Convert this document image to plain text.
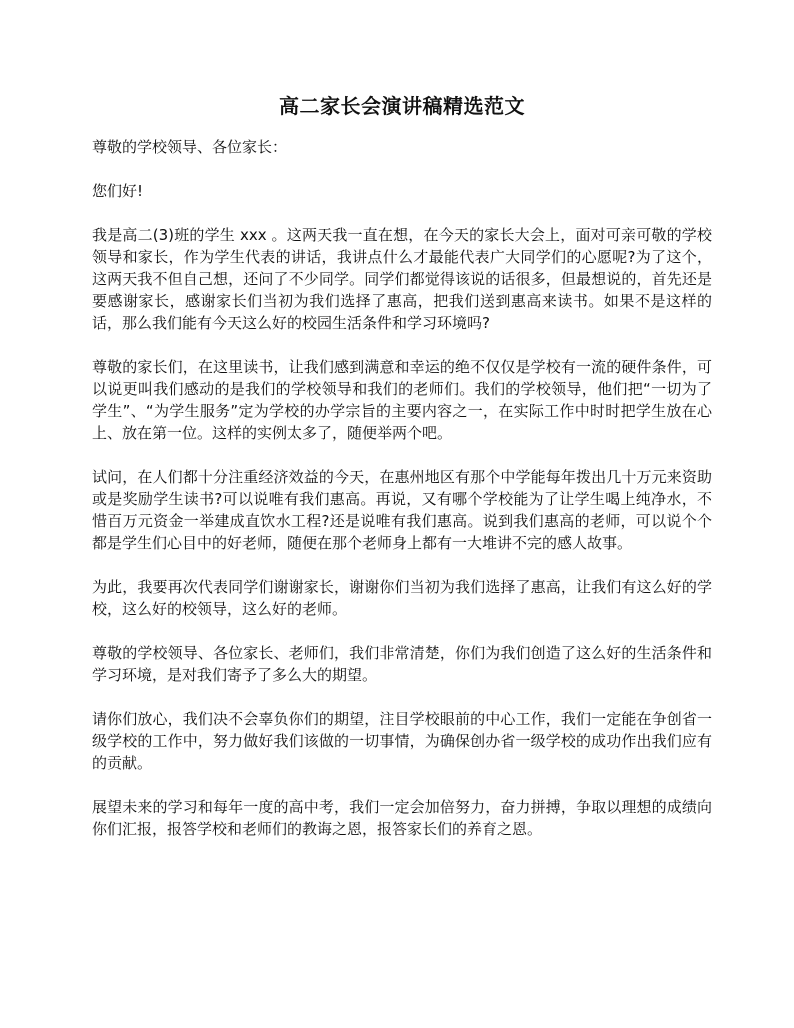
高二家长会演讲稿精选范文

尊敬的学校领导、各位家长：

您们好!

我是高二(3)班的学生 xxx 。这两天我一直在想，在今天的家长大会上，面对可亲可敬的学校领导和家长，作为学生代表的讲话，我讲点什么才最能代表广大同学们的心愿呢?为了这个，这两天我不但自己想，还问了不少同学。同学们都觉得该说的话很多，但最想说的，首先还是要感谢家长，感谢家长们当初为我们选择了惠高，把我们送到惠高来读书。如果不是这样的话，那么我们能有今天这么好的校园生活条件和学习环境吗?

尊敬的家长们，在这里读书，让我们感到满意和幸运的绝不仅仅是学校有一流的硬件条件，可以说更叫我们感动的是我们的学校领导和我们的老师们。我们的学校领导，他们把“一切为了学生”、“为学生服务”定为学校的办学宗旨的主要内容之一，在实际工作中时时把学生放在心上、放在第一位。这样的实例太多了，随便举两个吧。

试问，在人们都十分注重经济效益的今天，在惠州地区有那个中学能每年拨出几十万元来资助或是奖励学生读书?可以说唯有我们惠高。再说，又有哪个学校能为了让学生喝上纯净水，不惜百万元资金一举建成直饮水工程?还是说唯有我们惠高。说到我们惠高的老师，可以说个个都是学生们心目中的好老师，随便在那个老师身上都有一大堆讲不完的感人故事。

为此，我要再次代表同学们谢谢家长，谢谢你们当初为我们选择了惠高，让我们有这么好的学校，这么好的校领导，这么好的老师。

尊敬的学校领导、各位家长、老师们，我们非常清楚，你们为我们创造了这么好的生活条件和学习环境，是对我们寄予了多么大的期望。

请你们放心，我们决不会辜负你们的期望，注目学校眼前的中心工作，我们一定能在争创省一级学校的工作中，努力做好我们该做的一切事情，为确保创办省一级学校的成功作出我们应有的贡献。

展望未来的学习和每年一度的高中考，我们一定会加倍努力，奋力拼搏，争取以理想的成绩向你们汇报，报答学校和老师们的教诲之恩，报答家长们的养育之恩。
